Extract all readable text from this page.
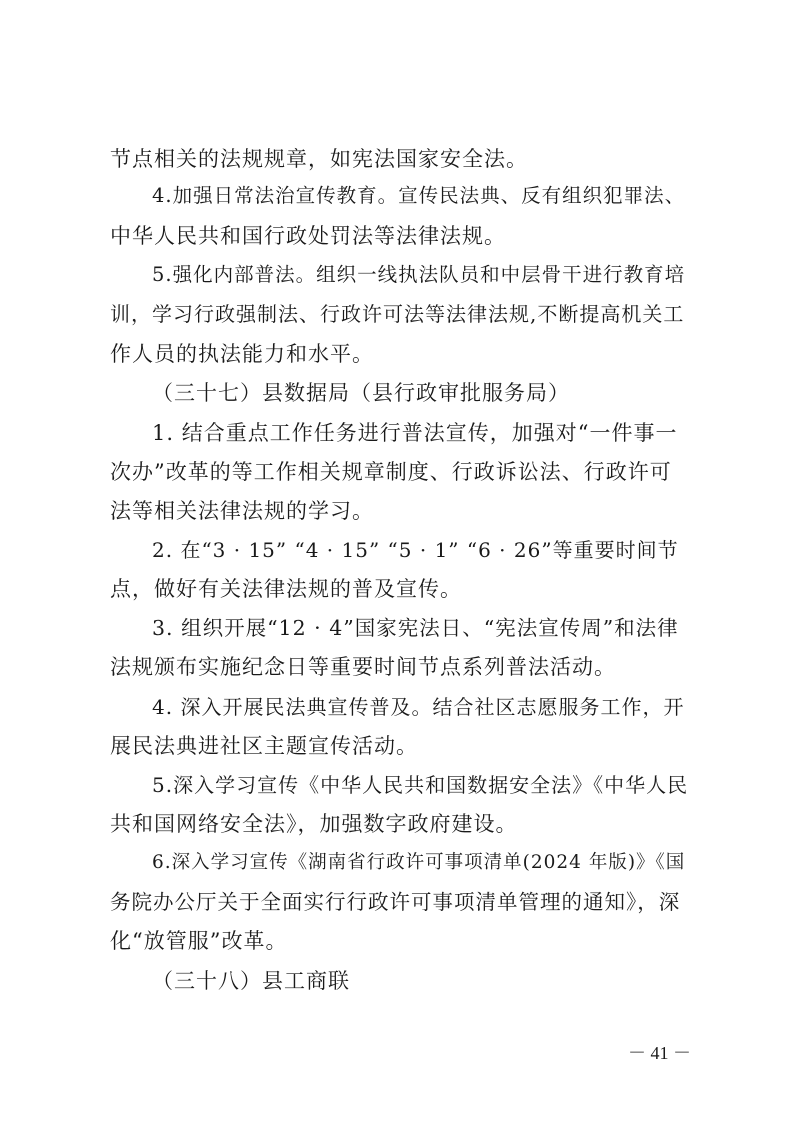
节点相关的法规规章，如宪法国家安全法。
4.加强日常法治宣传教育。宣传民法典、反有组织犯罪法、
中华人民共和国行政处罚法等法律法规。
5.强化内部普法。组织一线执法队员和中层骨干进行教育培
训，学习行政强制法、行政许可法等法律法规,不断提高机关工
作人员的执法能力和水平。
（三十七）县数据局（县行政审批服务局）
1. 结合重点工作任务进行普法宣传，加强对“一件事一
次办”改革的等工作相关规章制度、行政诉讼法、行政许可
法等相关法律法规的学习。
2. 在“3 · 15” “4 · 15” “5 · 1” “6 · 26”等重要时间节
点，做好有关法律法规的普及宣传。
3. 组织开展“12 · 4”国家宪法日、“宪法宣传周”和法律
法规颁布实施纪念日等重要时间节点系列普法活动。
4. 深入开展民法典宣传普及。结合社区志愿服务工作，开
展民法典进社区主题宣传活动。
5.深入学习宣传《中华人民共和国数据安全法》《中华人民
共和国网络安全法》，加强数字政府建设。
6.深入学习宣传《湖南省行政许可事项清单(2024 年版)》《国
务院办公厅关于全面实行行政许可事项清单管理的通知》，深
化“放管服”改革。
（三十八）县工商联
－ 41 －
